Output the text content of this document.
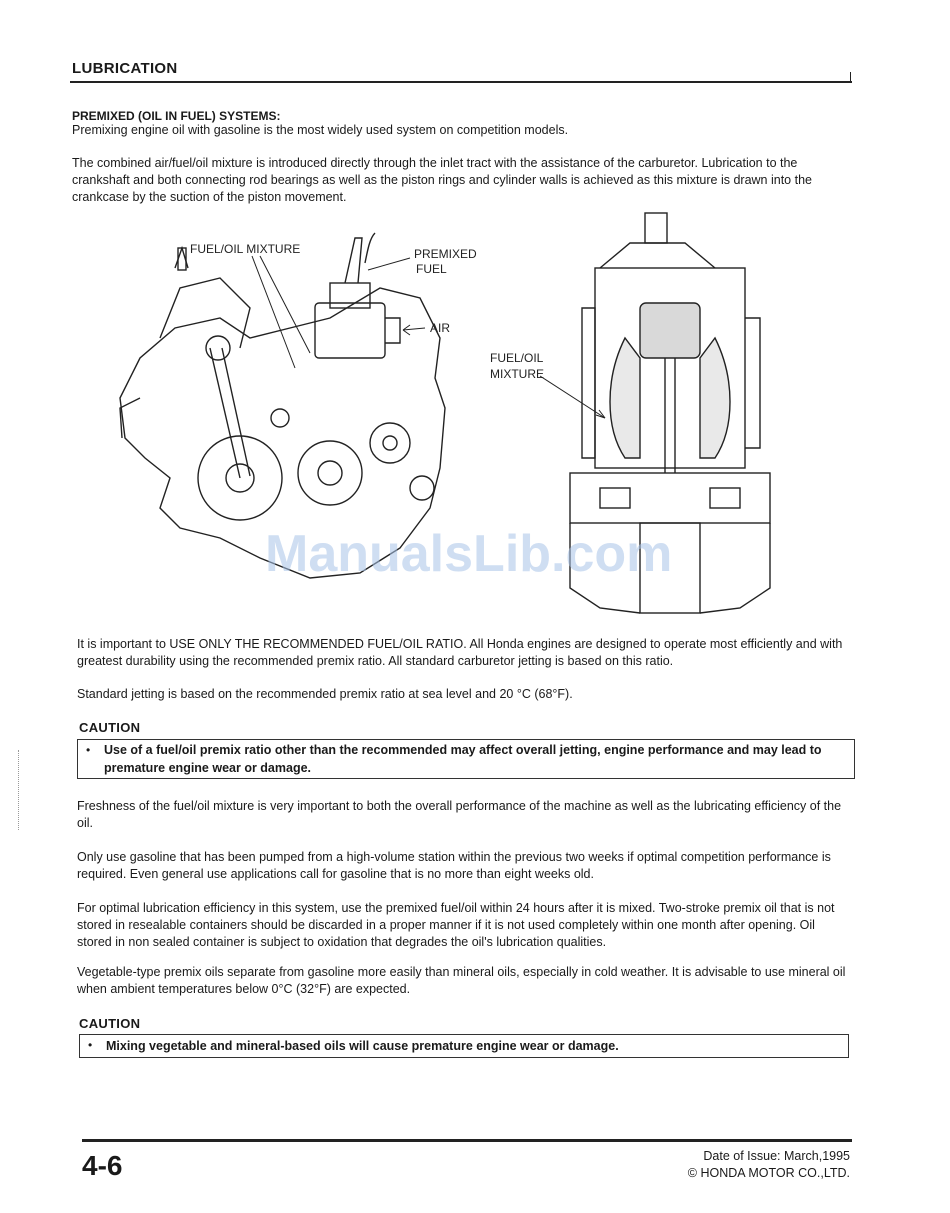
LUBRICATION
PREMIXED (OIL IN FUEL) SYSTEMS:
Premixing engine oil with gasoline is the most widely used system on competition models.
The combined air/fuel/oil mixture is introduced directly through the inlet tract with the assistance of the carburetor. Lubrication to the crankshaft and both connecting rod bearings as well as the piston rings and cylinder walls is achieved as this mixture is drawn into the crankcase by the suction of the piston movement.
FUEL/OIL MIXTURE	PREMIXED
FUEL
AIR
FUEL/OIL
MIXTURE
ManualsLib.com
It is important to USE ONLY THE RECOMMENDED FUEL/OIL RATIO. All Honda engines are designed to operate most efficiently and with greatest durability using the recommended premix ratio. All standard carburetor jetting is based on this ratio.
Standard jetting is based on the recommended premix ratio at sea level and 20 °C (68°F).
CAUTION
• Use of a fuel/oil premix ratio other than the recommended may affect overall jetting, engine performance and may lead to premature engine wear or damage.
Freshness of the fuel/oil mixture is very important to both the overall performance of the machine as well as the lubricating efficiency of the oil.
Only use gasoline that has been pumped from a high-volume station within the previous two weeks if optimal competition performance is required. Even general use applications call for gasoline that is no more than eight weeks old.
For optimal lubrication efficiency in this system, use the premixed fuel/oil within 24 hours after it is mixed. Two-stroke premix oil that is not stored in resealable containers should be discarded in a proper manner if it is not used completely within one month after opening. Oil stored in non sealed container is subject to oxidation that degrades the oil's lubrication qualities.
Vegetable-type premix oils separate from gasoline more easily than mineral oils, especially in cold weather. It is advisable to use mineral oil when ambient temperatures below 0°C (32°F) are expected.
CAUTION
• Mixing vegetable and mineral-based oils will cause premature engine wear or damage.
4-6	Date of Issue: March,1995
© HONDA MOTOR CO.,LTD.
